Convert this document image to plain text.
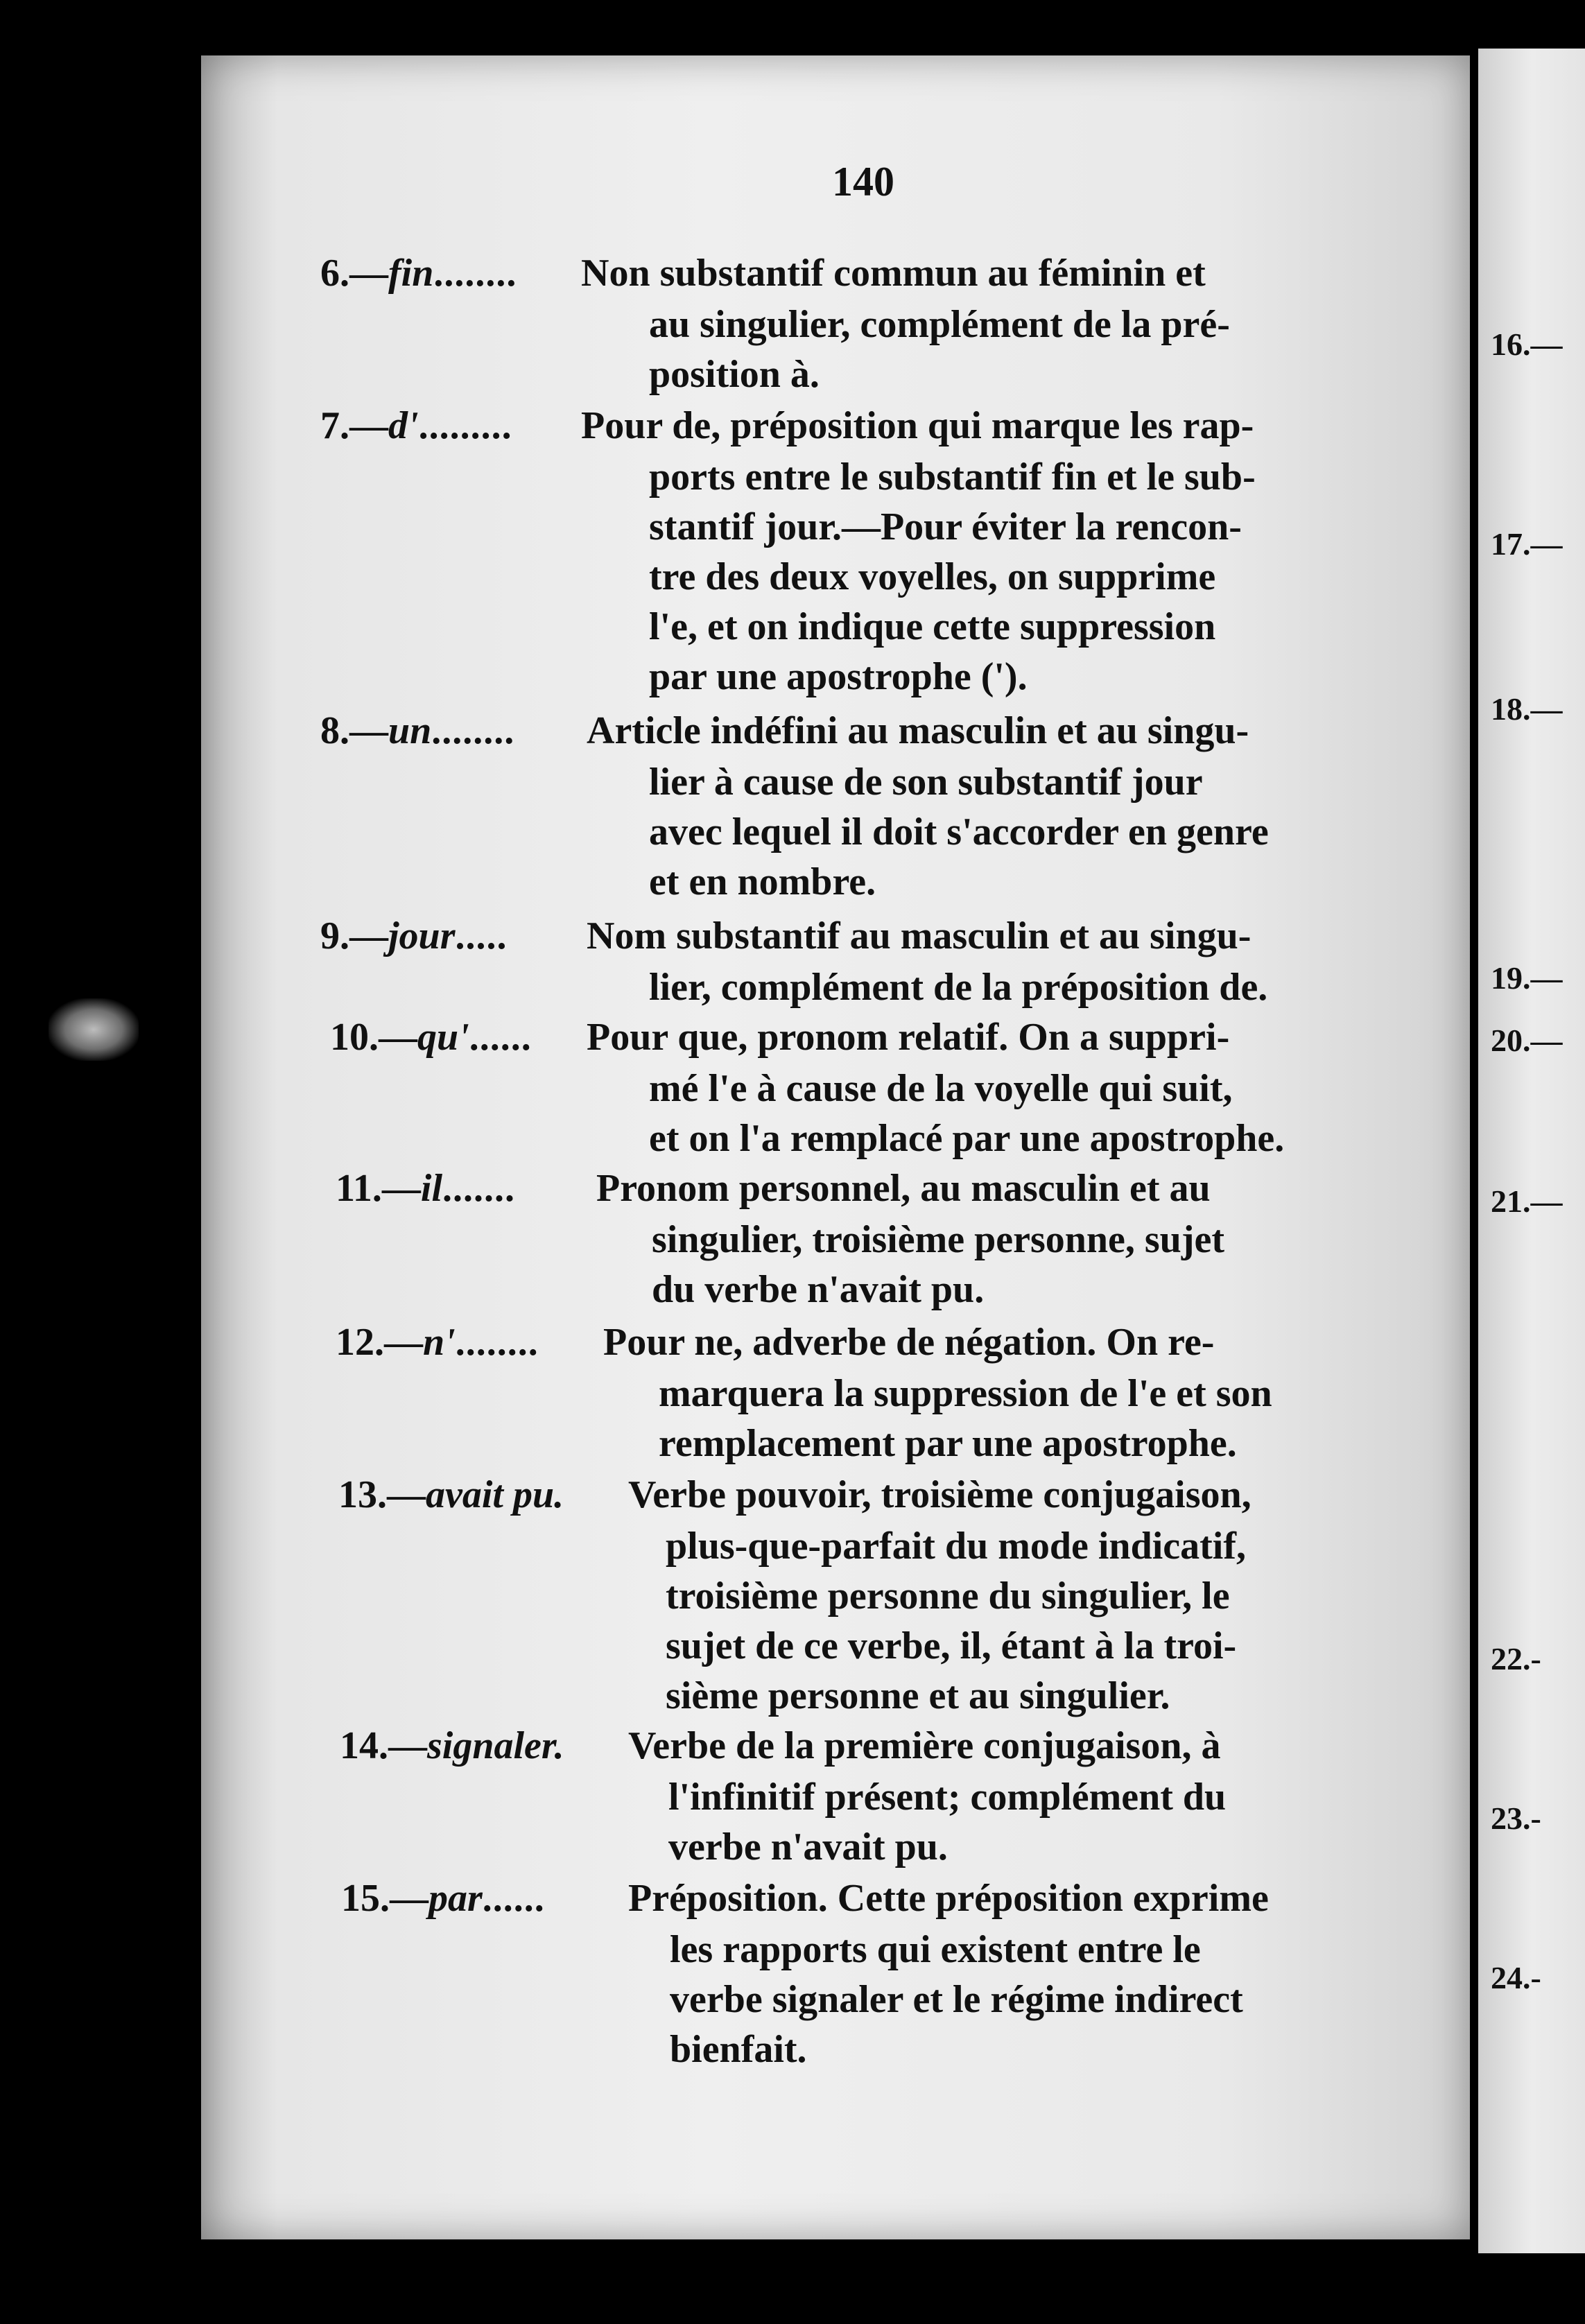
16.—
17.—
18.—
19.—
20.—
21.—
22.-
23.-
24.-
140
6.—fin........ Non substantif commun au féminin et
au singulier, complément de la pré-
position à.
7.—d'......... Pour de, préposition qui marque les rap-
ports entre le substantif fin et le sub-
stantif jour.—Pour éviter la rencon-
tre des deux voyelles, on supprime
l'e, et on indique cette suppression
par une apostrophe (').
8.—un........ Article indéfini au masculin et au singu-
lier à cause de son substantif jour
avec lequel il doit s'accorder en genre
et en nombre.
9.—jour..... Nom substantif au masculin et au singu-
lier, complément de la préposition de.
10.—qu'...... Pour que, pronom relatif. On a suppri-
mé l'e à cause de la voyelle qui suit,
et on l'a remplacé par une apostrophe.
11.—il....... Pronom personnel, au masculin et au
singulier, troisième personne, sujet
du verbe n'avait pu.
12.—n'........ Pour ne, adverbe de négation. On re-
marquera la suppression de l'e et son
remplacement par une apostrophe.
13.—avait pu. Verbe pouvoir, troisième conjugaison,
plus-que-parfait du mode indicatif,
troisième personne du singulier, le
sujet de ce verbe, il, étant à la troi-
sième personne et au singulier.
14.—signaler. Verbe de la première conjugaison, à
l'infinitif présent; complément du
verbe n'avait pu.
15.—par...... Préposition. Cette préposition exprime
les rapports qui existent entre le
verbe signaler et le régime indirect
bienfait.
